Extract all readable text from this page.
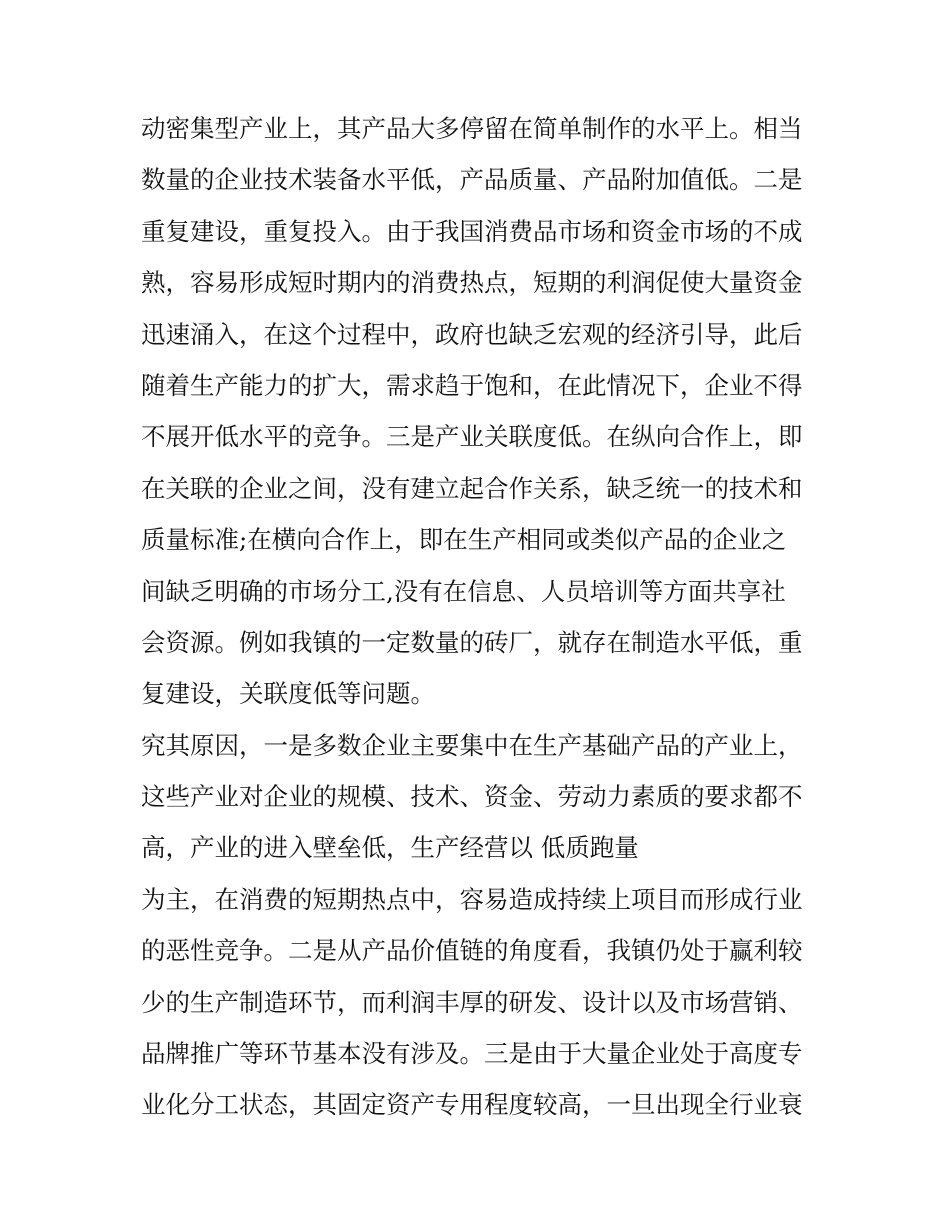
动密集型产业上，其产品大多停留在简单制作的水平上。相当
数量的企业技术装备水平低，产品质量、产品附加值低。二是
重复建设，重复投入。由于我国消费品市场和资金市场的不成
熟，容易形成短时期内的消费热点，短期的利润促使大量资金
迅速涌入，在这个过程中，政府也缺乏宏观的经济引导，此后
随着生产能力的扩大，需求趋于饱和，在此情况下，企业不得
不展开低水平的竞争。三是产业关联度低。在纵向合作上，即
在关联的企业之间，没有建立起合作关系，缺乏统一的技术和
质量标准;在横向合作上，即在生产相同或类似产品的企业之
间缺乏明确的市场分工,没有在信息、人员培训等方面共享社
会资源。例如我镇的一定数量的砖厂，就存在制造水平低，重
复建设，关联度低等问题。
究其原因，一是多数企业主要集中在生产基础产品的产业上，
这些产业对企业的规模、技术、资金、劳动力素质的要求都不
高，产业的进入壁垒低，生产经营以 低质跑量
为主，在消费的短期热点中，容易造成持续上项目而形成行业
的恶性竞争。二是从产品价值链的角度看，我镇仍处于赢利较
少的生产制造环节，而利润丰厚的研发、设计以及市场营销、
品牌推广等环节基本没有涉及。三是由于大量企业处于高度专
业化分工状态，其固定资产专用程度较高，一旦出现全行业衰
